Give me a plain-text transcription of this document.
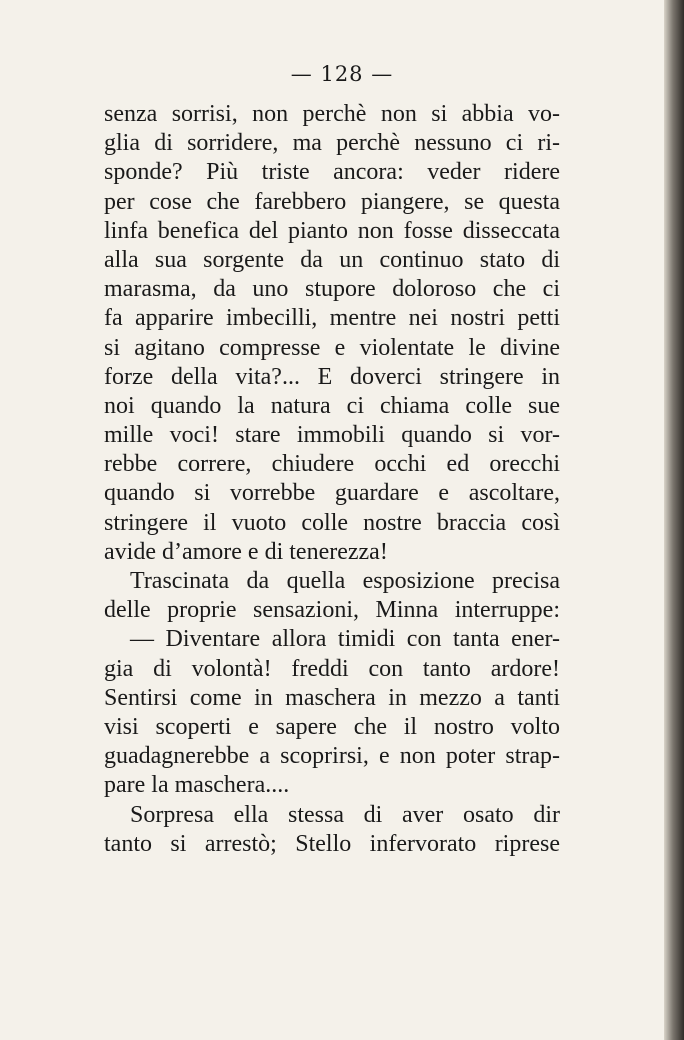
— 128 —
senza sorrisi, non perchè non si abbia vo-
glia di sorridere, ma perchè nessuno ci ri-
sponde? Più triste ancora: veder ridere
per cose che farebbero piangere, se questa
linfa benefica del pianto non fosse disseccata
alla sua sorgente da un continuo stato di
marasma, da uno stupore doloroso che ci
fa apparire imbecilli, mentre nei nostri petti
si agitano compresse e violentate le divine
forze della vita?... E doverci stringere in
noi quando la natura ci chiama colle sue
mille voci! stare immobili quando si vor-
rebbe correre, chiudere occhi ed orecchi
quando si vorrebbe guardare e ascoltare,
stringere il vuoto colle nostre braccia così
avide d’amore e di tenerezza!
Trascinata da quella esposizione precisa
delle proprie sensazioni, Minna interruppe:
— Diventare allora timidi con tanta ener-
gia di volontà! freddi con tanto ardore!
Sentirsi come in maschera in mezzo a tanti
visi scoperti e sapere che il nostro volto
guadagnerebbe a scoprirsi, e non poter strap-
pare la maschera....
Sorpresa ella stessa di aver osato dir
tanto si arrestò; Stello infervorato riprese
